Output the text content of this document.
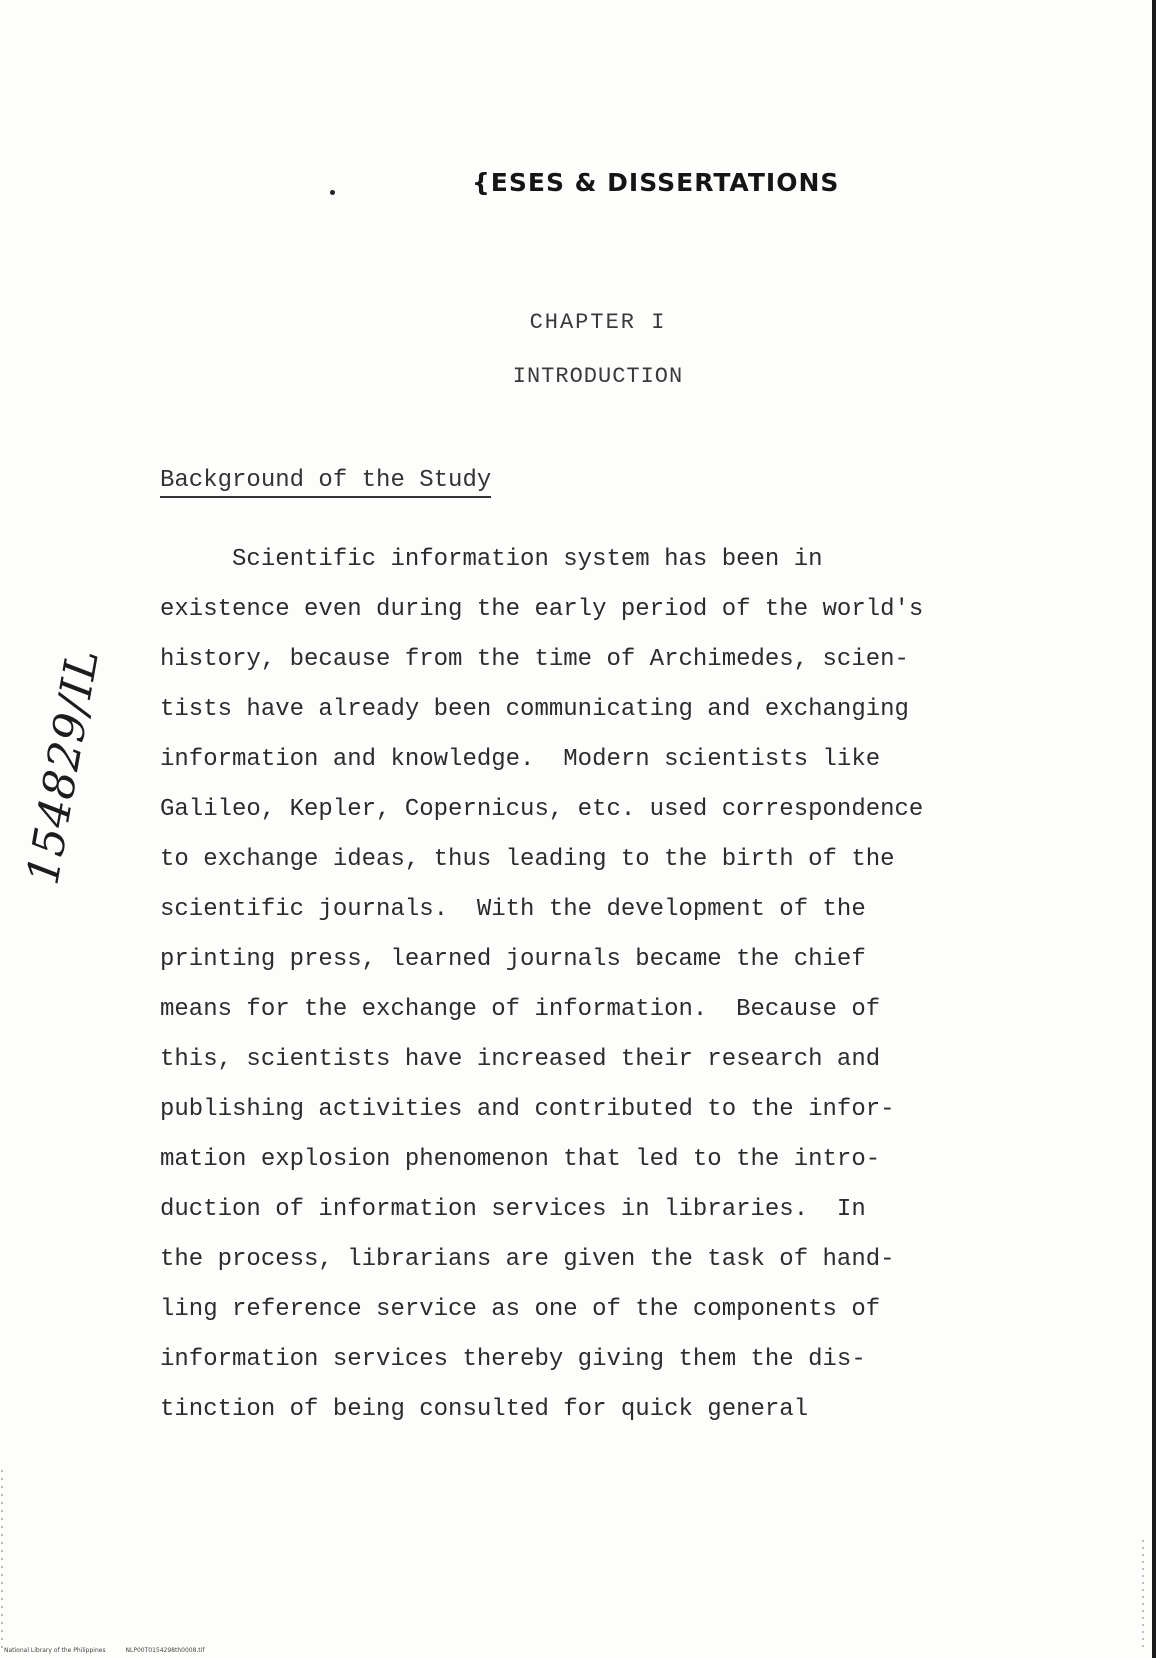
{ESES & DISSERTATIONS
CHAPTER I
INTRODUCTION
Background of the Study
154829/IL
Scientific information system has been in
existence even during the early period of the world's
history, because from the time of Archimedes, scien-
tists have already been communicating and exchanging
information and knowledge.  Modern scientists like
Galileo, Kepler, Copernicus, etc. used correspondence
to exchange ideas, thus leading to the birth of the
scientific journals.  With the development of the
printing press, learned journals became the chief
means for the exchange of information.  Because of
this, scientists have increased their research and
publishing activities and contributed to the infor-
mation explosion phenomenon that led to the intro-
duction of information services in libraries.  In
the process, librarians are given the task of hand-
ling reference service as one of the components of
information services thereby giving them the dis-
tinction of being consulted for quick general
National Library of the Philippines	NLP00T0154298th0008.tif
